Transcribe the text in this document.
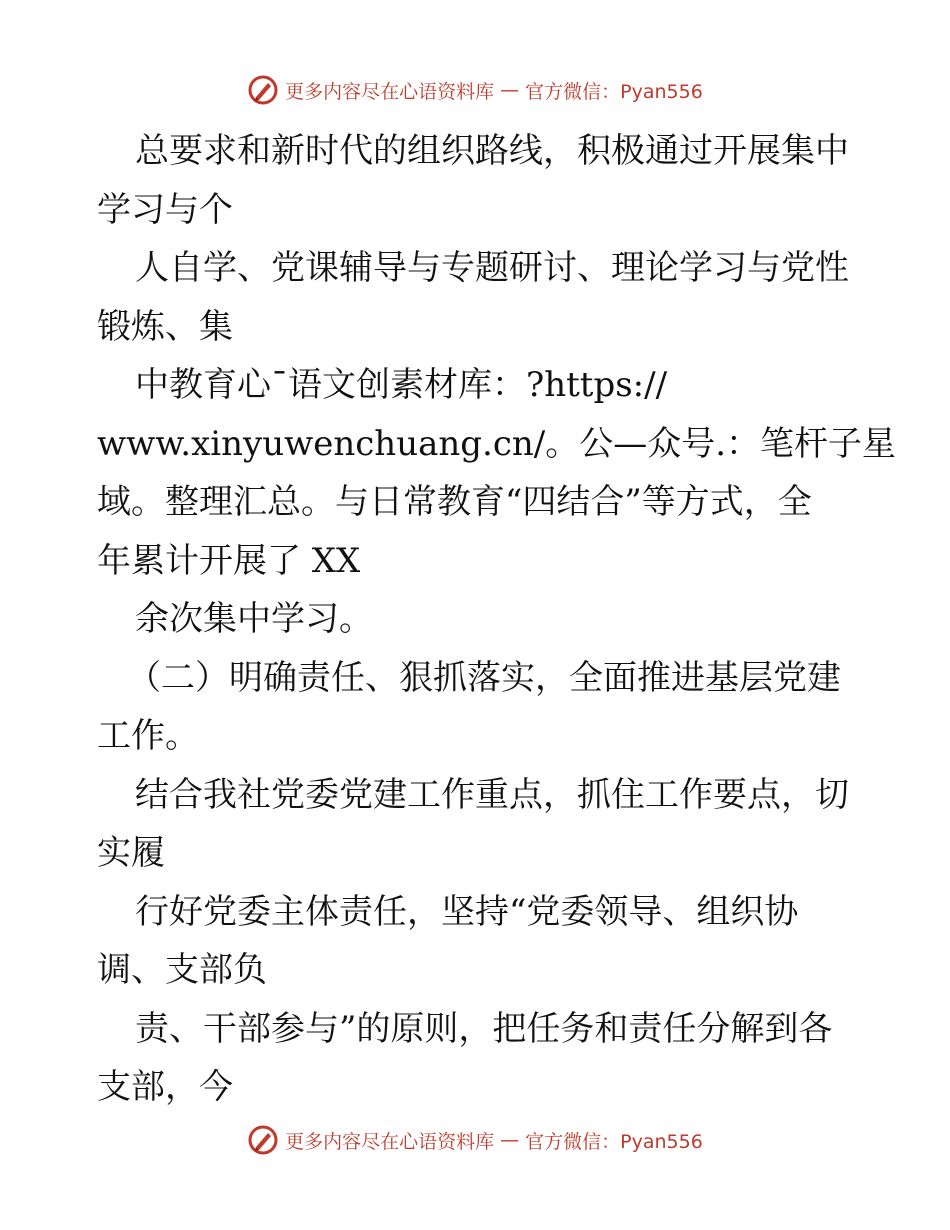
更多内容尽在心语资料库 — 官方微信：Pyan556
总要求和新时代的组织路线，积极通过开展集中
学习与个
人自学、党课辅导与专题研讨、理论学习与党性
锻炼、集
中教育心¯语文创素材库：?https://
www.xinyuwenchuang.cn/。公—众号.：笔杆子星
域。整理汇总。与日常教育“四结合”等方式，全
年累计开展了 XX
余次集中学习。
（二）明确责任、狠抓落实，全面推进基层党建
工作。
结合我社党委党建工作重点，抓住工作要点，切
实履
行好党委主体责任，坚持“党委领导、组织协
调、支部负
责、干部参与”的原则，把任务和责任分解到各
支部，今
更多内容尽在心语资料库 — 官方微信：Pyan556
